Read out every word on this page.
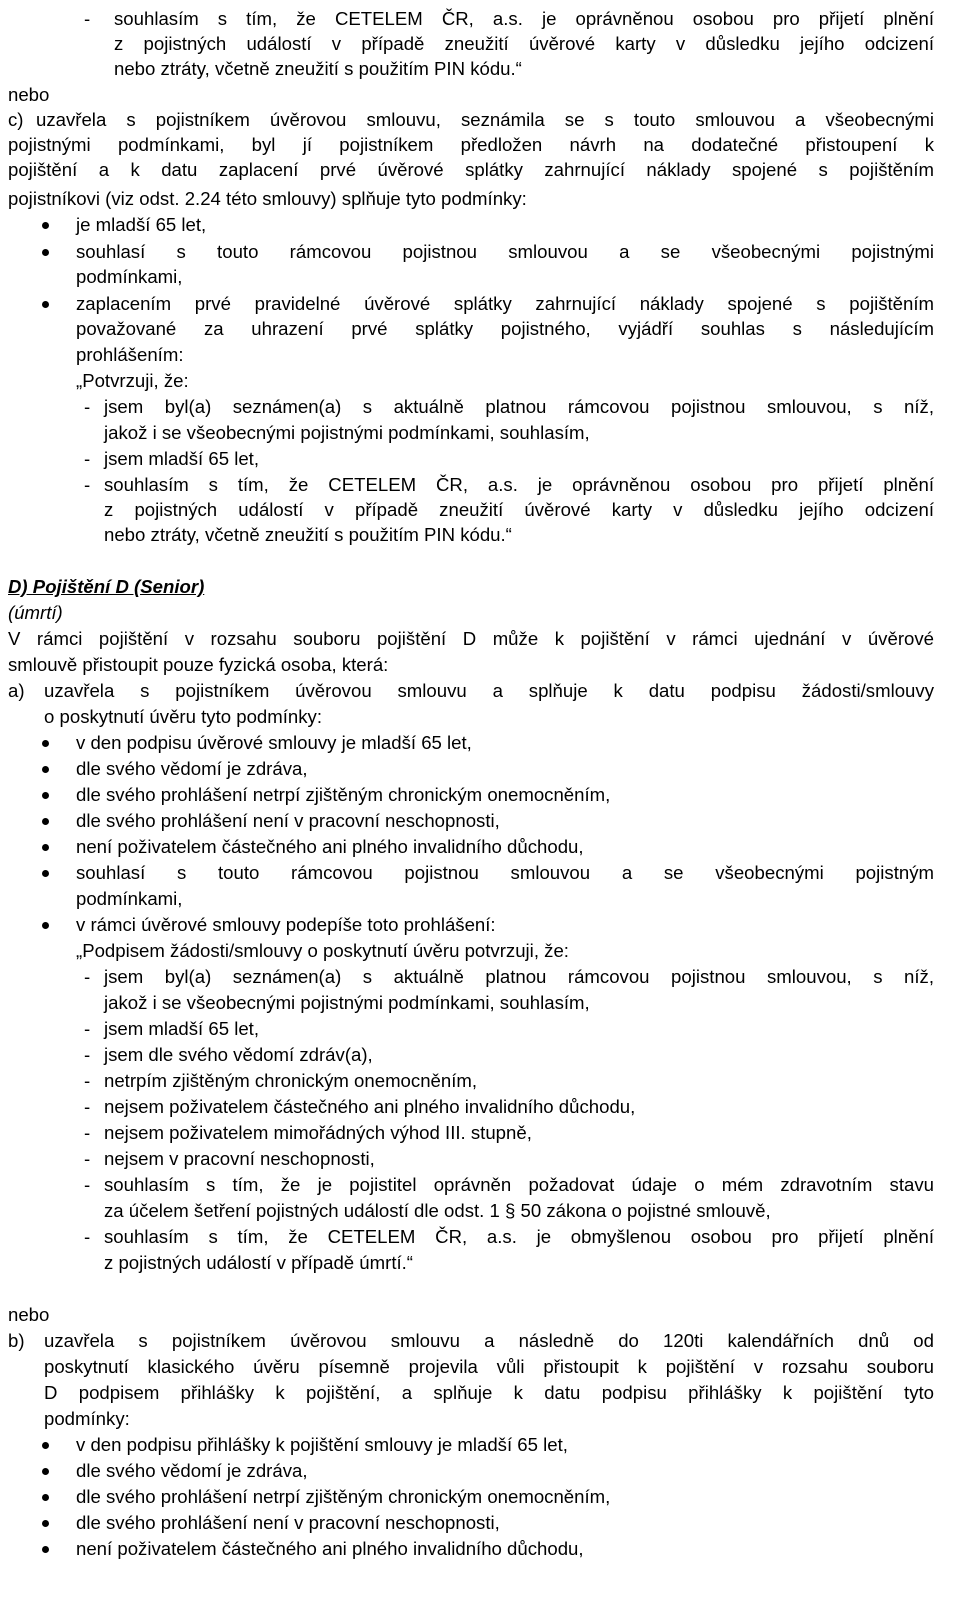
- souhlasím s tím, že CETELEM ČR, a.s. je oprávněnou osobou pro přijetí plnění
z pojistných událostí v případě zneužití úvěrové karty v důsledku jejího odcizení
nebo ztráty, včetně zneužití s použitím PIN kódu.“
nebo
c) uzavřela s pojistníkem úvěrovou smlouvu, seznámila se s touto smlouvou a všeobecnými
pojistnými podmínkami, byl jí pojistníkem předložen návrh na dodatečné přistoupení k
pojištění a k datu zaplacení prvé úvěrové splátky zahrnující náklady spojené s pojištěním
pojistníkovi (viz odst. 2.24 této smlouvy) splňuje tyto podmínky:
je mladší 65 let,
souhlasí s touto rámcovou pojistnou smlouvou a se všeobecnými pojistnými
podmínkami,
zaplacením prvé pravidelné úvěrové splátky zahrnující náklady spojené s pojištěním
považované za uhrazení prvé splátky pojistného, vyjádří souhlas s následujícím
prohlášením:
„Potvrzuji, že:
- jsem byl(a) seznámen(a) s aktuálně platnou rámcovou pojistnou smlouvou, s níž,
jakož i se všeobecnými pojistnými podmínkami, souhlasím,
- jsem mladší 65 let,
- souhlasím s tím, že CETELEM ČR, a.s. je oprávněnou osobou pro přijetí plnění
z pojistných událostí v případě zneužití úvěrové karty v důsledku jejího odcizení
nebo ztráty, včetně zneužití s použitím PIN kódu.“
D) Pojištění D (Senior)
(úmrtí)
V rámci pojištění v rozsahu souboru pojištění D může k pojištění v rámci ujednání v úvěrové
smlouvě přistoupit pouze fyzická osoba, která:
a) uzavřela s pojistníkem úvěrovou smlouvu a splňuje k datu podpisu žádosti/smlouvy
o poskytnutí úvěru tyto podmínky:
v den podpisu úvěrové smlouvy je mladší 65 let,
dle svého vědomí je zdráva,
dle svého prohlášení netrpí zjištěným chronickým onemocněním,
dle svého prohlášení není v pracovní neschopnosti,
není poživatelem částečného ani plného invalidního důchodu,
souhlasí s touto rámcovou pojistnou smlouvou a se všeobecnými pojistným
podmínkami,
v rámci úvěrové smlouvy podepíše toto prohlášení:
„Podpisem žádosti/smlouvy o poskytnutí úvěru potvrzuji, že:
- jsem byl(a) seznámen(a) s aktuálně platnou rámcovou pojistnou smlouvou, s níž,
jakož i se všeobecnými pojistnými podmínkami, souhlasím,
- jsem mladší 65 let,
- jsem dle svého vědomí zdráv(a),
- netrpím zjištěným chronickým onemocněním,
- nejsem poživatelem částečného ani plného invalidního důchodu,
- nejsem poživatelem mimořádných výhod III. stupně,
- nejsem v pracovní neschopnosti,
- souhlasím s tím, že je pojistitel oprávněn požadovat údaje o mém zdravotním stavu
za účelem šetření pojistných událostí dle odst. 1 § 50 zákona o pojistné smlouvě,
- souhlasím s tím, že CETELEM ČR, a.s. je obmyšlenou osobou pro přijetí plnění
z pojistných událostí v případě úmrtí.“
nebo
b) uzavřela s pojistníkem úvěrovou smlouvu a následně do 120ti kalendářních dnů od
poskytnutí klasického úvěru písemně projevila vůli přistoupit k pojištění v rozsahu souboru
D podpisem přihlášky k pojištění, a splňuje k datu podpisu přihlášky k pojištění tyto
podmínky:
v den podpisu přihlášky k pojištění smlouvy je mladší 65 let,
dle svého vědomí je zdráva,
dle svého prohlášení netrpí zjištěným chronickým onemocněním,
dle svého prohlášení není v pracovní neschopnosti,
není poživatelem částečného ani plného invalidního důchodu,
